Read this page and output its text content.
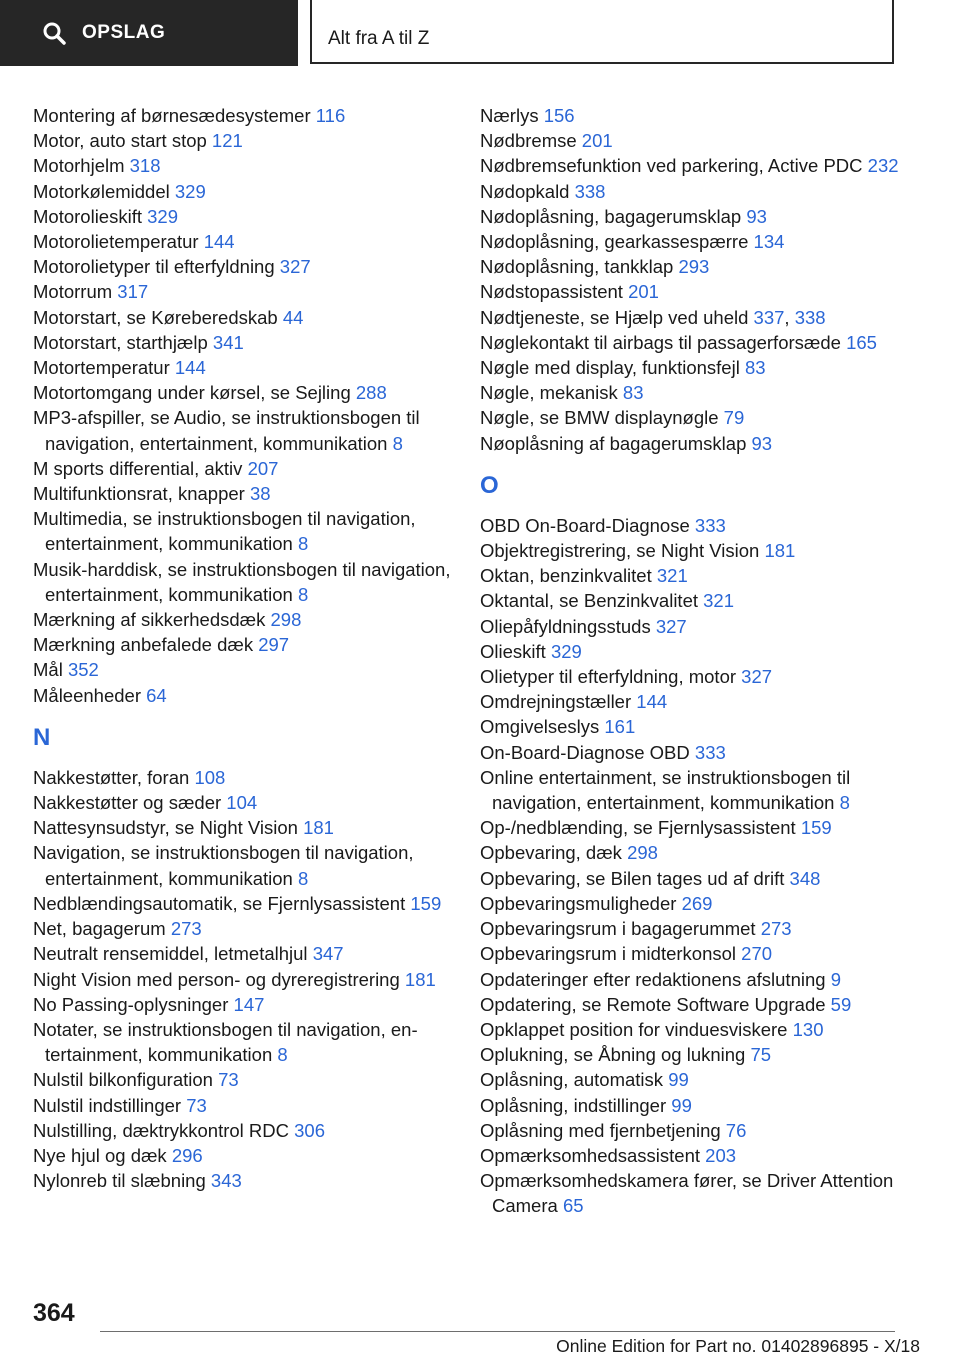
OPSLAG	Alt fra A til Z
Montering af børnesædesystemer 116
Motor, auto start stop 121
Motorhjelm 318
Motorkølemiddel 329
Motorolieskift 329
Motorolietemperatur 144
Motorolietyper til efterfyldning 327
Motorrum 317
Motorstart, se Køreberedskab 44
Motorstart, starthjælp 341
Motortemperatur 144
Motortomgang under kørsel, se Sejling 288
MP3-afspiller, se Audio, se instruktionsbogen til navigation, entertainment, kommunikation 8
M sports differential, aktiv 207
Multifunktionsrat, knapper 38
Multimedia, se instruktionsbogen til navigation, entertainment, kommunikation 8
Musik-harddisk, se instruktionsbogen til navigation, entertainment, kommunikation 8
Mærkning af sikkerhedsdæk 298
Mærkning anbefalede dæk 297
Mål 352
Måleenheder 64
N
Nakkestøtter, foran 108
Nakkestøtter og sæder 104
Nattesynsudstyr, se Night Vision 181
Navigation, se instruktionsbogen til navigation, entertainment, kommunikation 8
Nedblændingsautomatik, se Fjernlysassistent 159
Net, bagagerum 273
Neutralt rensemiddel, letmetalhjul 347
Night Vision med person- og dyreregistrering 181
No Passing-oplysninger 147
Notater, se instruktionsbogen til navigation, entertainment, kommunikation 8
Nulstil bilkonfiguration 73
Nulstil indstillinger 73
Nulstilling, dæktrykkontrol RDC 306
Nye hjul og dæk 296
Nylonreb til slæbning 343
Nærlys 156
Nødbremse 201
Nødbremsefunktion ved parkering, Active PDC 232
Nødopkald 338
Nødoplåsning, bagagerumsklap 93
Nødoplåsning, gearkassespærre 134
Nødoplåsning, tankklap 293
Nødstopassistent 201
Nødtjeneste, se Hjælp ved uheld 337, 338
Nøglekontakt til airbags til passagerforsæde 165
Nøgle med display, funktionsfejl 83
Nøgle, mekanisk 83
Nøgle, se BMW displaynøgle 79
Nøoplåsning af bagagerumsklap 93
O
OBD On-Board-Diagnose 333
Objektregistrering, se Night Vision 181
Oktan, benzinkvalitet 321
Oktantal, se Benzinkvalitet 321
Oliepåfyldningsstuds 327
Olieskift 329
Olietyper til efterfyldning, motor 327
Omdrejningstæller 144
Omgivelseslys 161
On-Board-Diagnose OBD 333
Online entertainment, se instruktionsbogen til navigation, entertainment, kommunikation 8
Op-/nedblænding, se Fjernlysassistent 159
Opbevaring, dæk 298
Opbevaring, se Bilen tages ud af drift 348
Opbevaringsmuligheder 269
Opbevaringsrum i bagagerummet 273
Opbevaringsrum i midterkonsol 270
Opdateringer efter redaktionens afslutning 9
Opdatering, se Remote Software Upgrade 59
Opklappet position for vinduesviskere 130
Oplukning, se Åbning og lukning 75
Oplåsning, automatisk 99
Oplåsning, indstillinger 99
Oplåsning med fjernbetjening 76
Opmærksomhedsassistent 203
Opmærksomhedskamera fører, se Driver Attention Camera 65
364
Online Edition for Part no. 01402896895 - X/18
